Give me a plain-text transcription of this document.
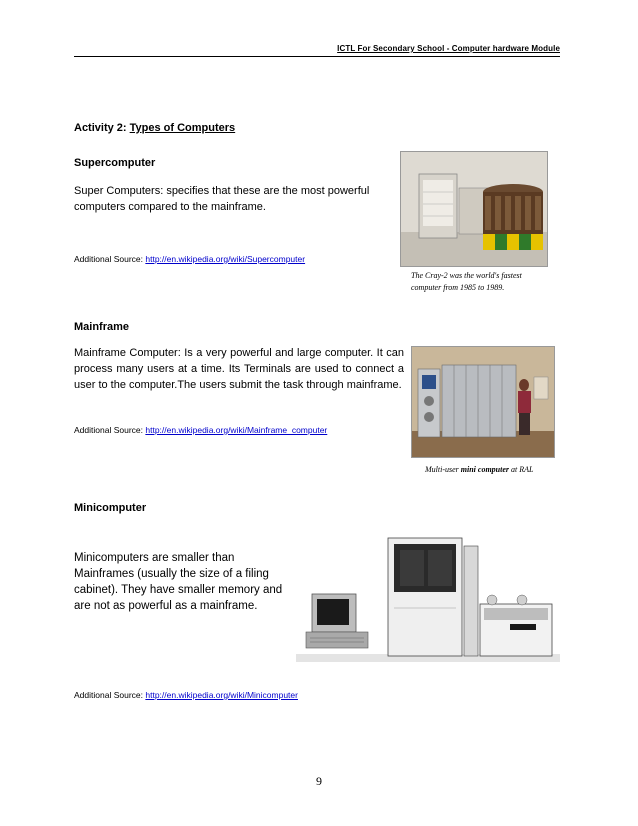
ICTL For Secondary School - Computer hardware Module
Activity 2: Types of Computers
Supercomputer
Super Computers: specifies that these are the most powerful computers compared to the mainframe.
Additional Source: http://en.wikipedia.org/wiki/Supercomputer
The Cray-2 was the world's fastest
computer from 1985 to 1989.
Mainframe
Mainframe Computer: Is a very powerful and large computer. It can process many users at a time. Its Terminals are used to connect a user to the computer.The users submit the task through mainframe.
Additional Source: http://en.wikipedia.org/wiki/Mainframe_computer
Multi-user mini computer at RAL
Minicomputer
Minicomputers are smaller than Mainframes (usually the size of a filing cabinet). They have smaller memory and are not as powerful as a mainframe.
Additional Source: http://en.wikipedia.org/wiki/Minicomputer
9
